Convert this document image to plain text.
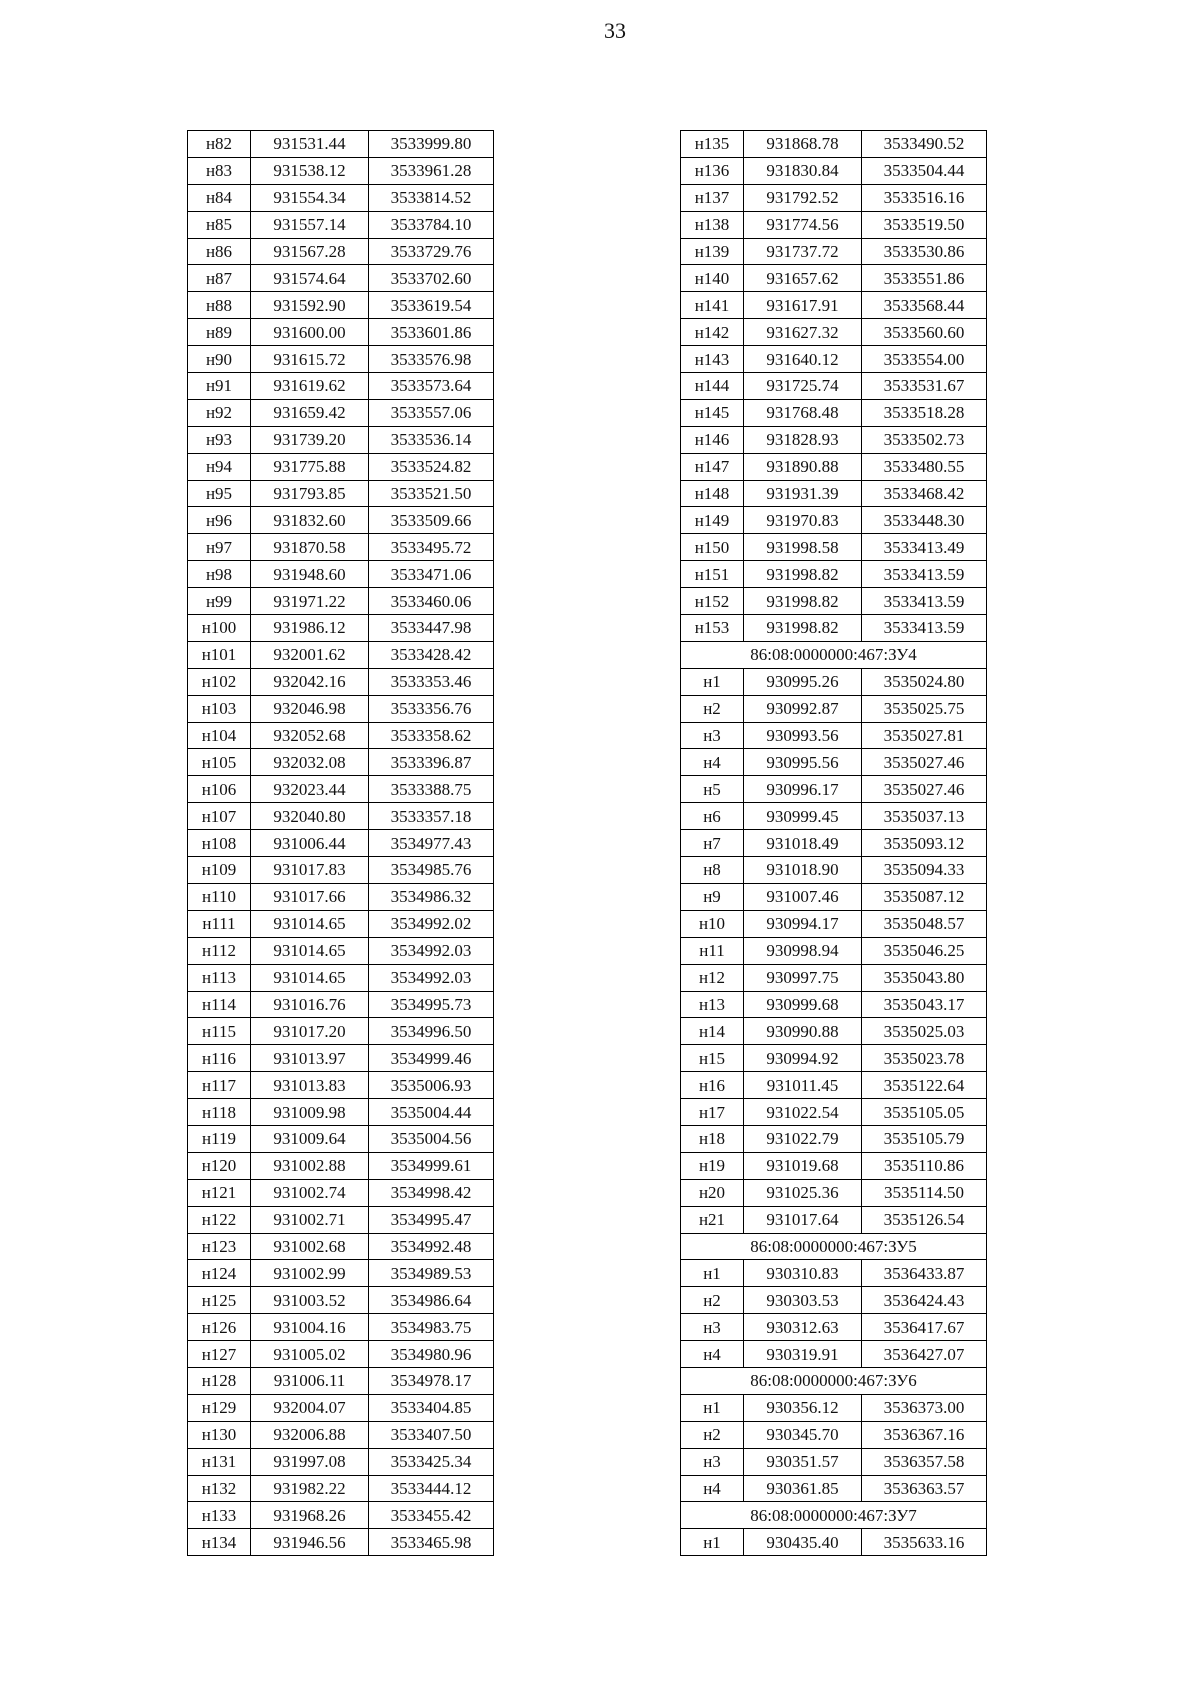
33
н82	931531.44	3533999.80
н83	931538.12	3533961.28
н84	931554.34	3533814.52
н85	931557.14	3533784.10
н86	931567.28	3533729.76
н87	931574.64	3533702.60
н88	931592.90	3533619.54
н89	931600.00	3533601.86
н90	931615.72	3533576.98
н91	931619.62	3533573.64
н92	931659.42	3533557.06
н93	931739.20	3533536.14
н94	931775.88	3533524.82
н95	931793.85	3533521.50
н96	931832.60	3533509.66
н97	931870.58	3533495.72
н98	931948.60	3533471.06
н99	931971.22	3533460.06
н100	931986.12	3533447.98
н101	932001.62	3533428.42
н102	932042.16	3533353.46
н103	932046.98	3533356.76
н104	932052.68	3533358.62
н105	932032.08	3533396.87
н106	932023.44	3533388.75
н107	932040.80	3533357.18
н108	931006.44	3534977.43
н109	931017.83	3534985.76
н110	931017.66	3534986.32
н111	931014.65	3534992.02
н112	931014.65	3534992.03
н113	931014.65	3534992.03
н114	931016.76	3534995.73
н115	931017.20	3534996.50
н116	931013.97	3534999.46
н117	931013.83	3535006.93
н118	931009.98	3535004.44
н119	931009.64	3535004.56
н120	931002.88	3534999.61
н121	931002.74	3534998.42
н122	931002.71	3534995.47
н123	931002.68	3534992.48
н124	931002.99	3534989.53
н125	931003.52	3534986.64
н126	931004.16	3534983.75
н127	931005.02	3534980.96
н128	931006.11	3534978.17
н129	932004.07	3533404.85
н130	932006.88	3533407.50
н131	931997.08	3533425.34
н132	931982.22	3533444.12
н133	931968.26	3533455.42
н134	931946.56	3533465.98
н135	931868.78	3533490.52
н136	931830.84	3533504.44
н137	931792.52	3533516.16
н138	931774.56	3533519.50
н139	931737.72	3533530.86
н140	931657.62	3533551.86
н141	931617.91	3533568.44
н142	931627.32	3533560.60
н143	931640.12	3533554.00
н144	931725.74	3533531.67
н145	931768.48	3533518.28
н146	931828.93	3533502.73
н147	931890.88	3533480.55
н148	931931.39	3533468.42
н149	931970.83	3533448.30
н150	931998.58	3533413.49
н151	931998.82	3533413.59
н152	931998.82	3533413.59
н153	931998.82	3533413.59
86:08:0000000:467:ЗУ4		
н1	930995.26	3535024.80
н2	930992.87	3535025.75
н3	930993.56	3535027.81
н4	930995.56	3535027.46
н5	930996.17	3535027.46
н6	930999.45	3535037.13
н7	931018.49	3535093.12
н8	931018.90	3535094.33
н9	931007.46	3535087.12
н10	930994.17	3535048.57
н11	930998.94	3535046.25
н12	930997.75	3535043.80
н13	930999.68	3535043.17
н14	930990.88	3535025.03
н15	930994.92	3535023.78
н16	931011.45	3535122.64
н17	931022.54	3535105.05
н18	931022.79	3535105.79
н19	931019.68	3535110.86
н20	931025.36	3535114.50
н21	931017.64	3535126.54
86:08:0000000:467:ЗУ5		
н1	930310.83	3536433.87
н2	930303.53	3536424.43
н3	930312.63	3536417.67
н4	930319.91	3536427.07
86:08:0000000:467:ЗУ6		
н1	930356.12	3536373.00
н2	930345.70	3536367.16
н3	930351.57	3536357.58
н4	930361.85	3536363.57
86:08:0000000:467:ЗУ7		
н1	930435.40	3535633.16
